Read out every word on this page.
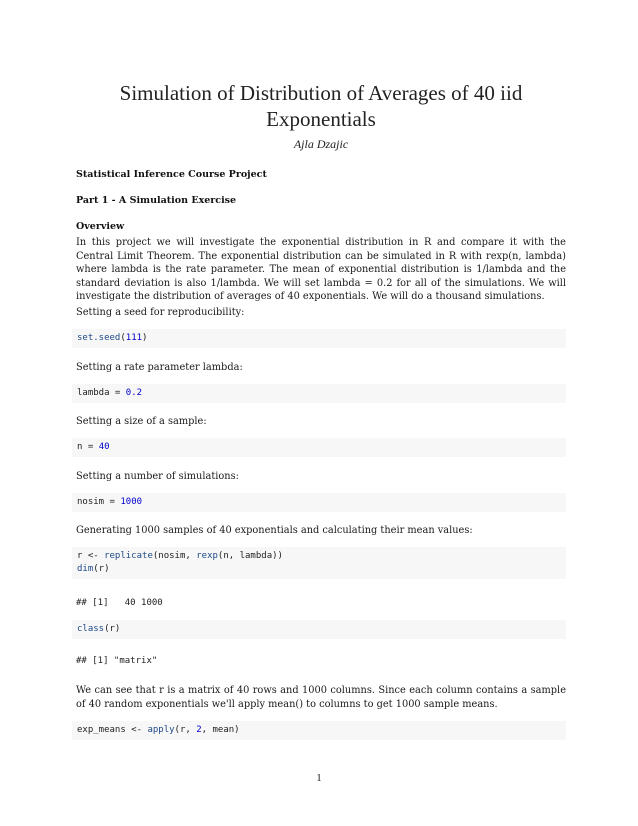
Simulation of Distribution of Averages of 40 iid
Exponentials
Ajla Dzajic
Statistical Inference Course Project
Part 1 - A Simulation Exercise
Overview
In this project we will investigate the exponential distribution in R and compare it with the Central Limit Theorem. The exponential distribution can be simulated in R with rexp(n, lambda) where lambda is the rate parameter. The mean of exponential distribution is 1/lambda and the standard deviation is also 1/lambda. We will set lambda = 0.2 for all of the simulations. We will investigate the distribution of averages of 40 exponentials. We will do a thousand simulations.
Setting a seed for reproducibility:
set.seed(111)
Setting a rate parameter lambda:
lambda = 0.2
Setting a size of a sample:
n = 40
Setting a number of simulations:
nosim = 1000
Generating 1000 samples of 40 exponentials and calculating their mean values:
r <- replicate(nosim, rexp(n, lambda))
dim(r)
## [1]   40 1000
class(r)
## [1] "matrix"
We can see that r is a matrix of 40 rows and 1000 columns. Since each column contains a sample of 40 random exponentials we'll apply mean() to columns to get 1000 sample means.
exp_means <- apply(r, 2, mean)
1
